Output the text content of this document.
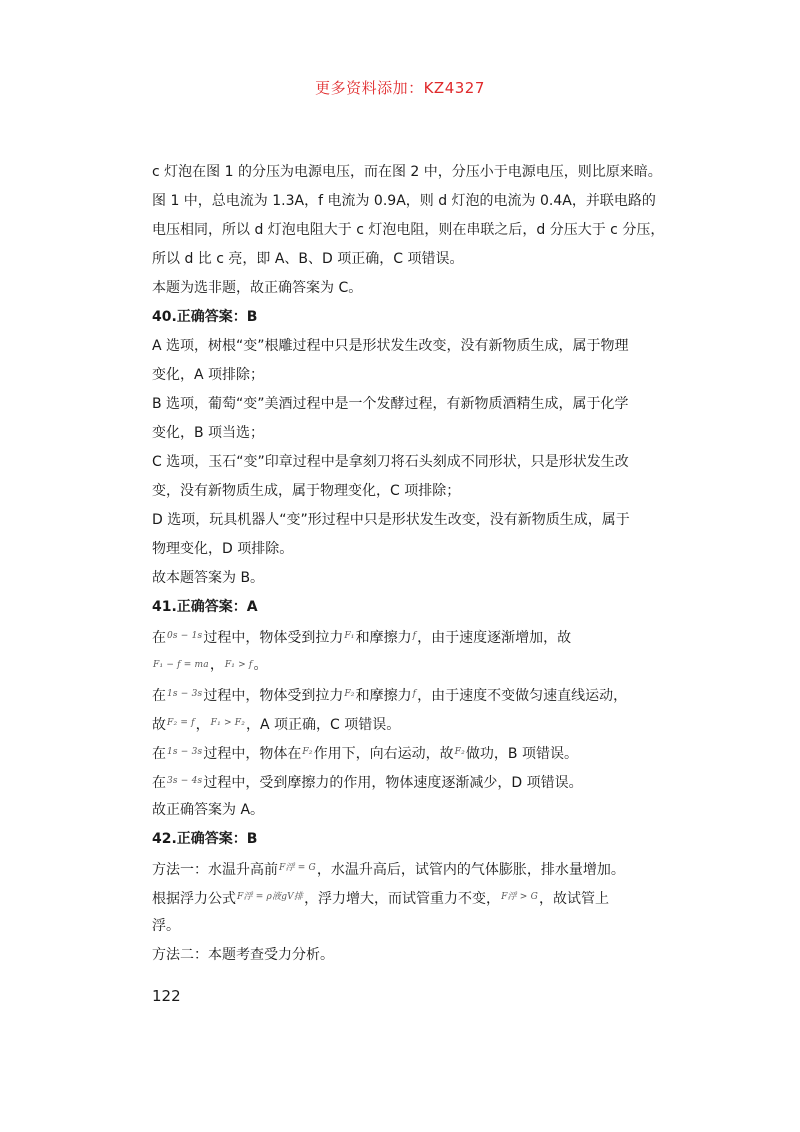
更多资料添加：KZ4327
c 灯泡在图 1 的分压为电源电压，而在图 2 中，分压小于电源电压，则比原来暗。
图 1 中，总电流为 1.3A，f 电流为 0.9A，则 d 灯泡的电流为 0.4A，并联电路的
电压相同，所以 d 灯泡电阻大于 c 灯泡电阻，则在串联之后，d 分压大于 c 分压，
所以 d 比 c 亮，即 A、B、D 项正确，C 项错误。
本题为选非题，故正确答案为 C。
40.正确答案：B
A 选项，树根“变”根雕过程中只是形状发生改变，没有新物质生成，属于物理
变化，A 项排除；
B 选项，葡萄“变”美酒过程中是一个发酵过程，有新物质酒精生成，属于化学
变化，B 项当选；
C 选项，玉石“变”印章过程中是拿刻刀将石头刻成不同形状，只是形状发生改
变，没有新物质生成，属于物理变化，C 项排除；
D 选项，玩具机器人“变”形过程中只是形状发生改变，没有新物质生成，属于
物理变化，D 项排除。
故本题答案为 B。
41.正确答案：A
在0s − 1s过程中，物体受到拉力F₁和摩擦力f，由于速度逐渐增加，故
F₁ − f = ma，F₁ > f。
在1s − 3s过程中，物体受到拉力F₂和摩擦力f，由于速度不变做匀速直线运动，
故F₂ = f，F₁ > F₂，A 项正确，C 项错误。
在1s − 3s过程中，物体在F₂作用下，向右运动，故F₂做功，B 项错误。
在3s − 4s过程中，受到摩擦力的作用，物体速度逐渐减少，D 项错误。
故正确答案为 A。
42.正确答案：B
方法一：水温升高前F浮 = G，水温升高后，试管内的气体膨胀，排水量增加。
根据浮力公式F浮 = ρ液gV排，浮力增大，而试管重力不变，F浮 > G，故试管上
浮。
方法二：本题考查受力分析。
122
